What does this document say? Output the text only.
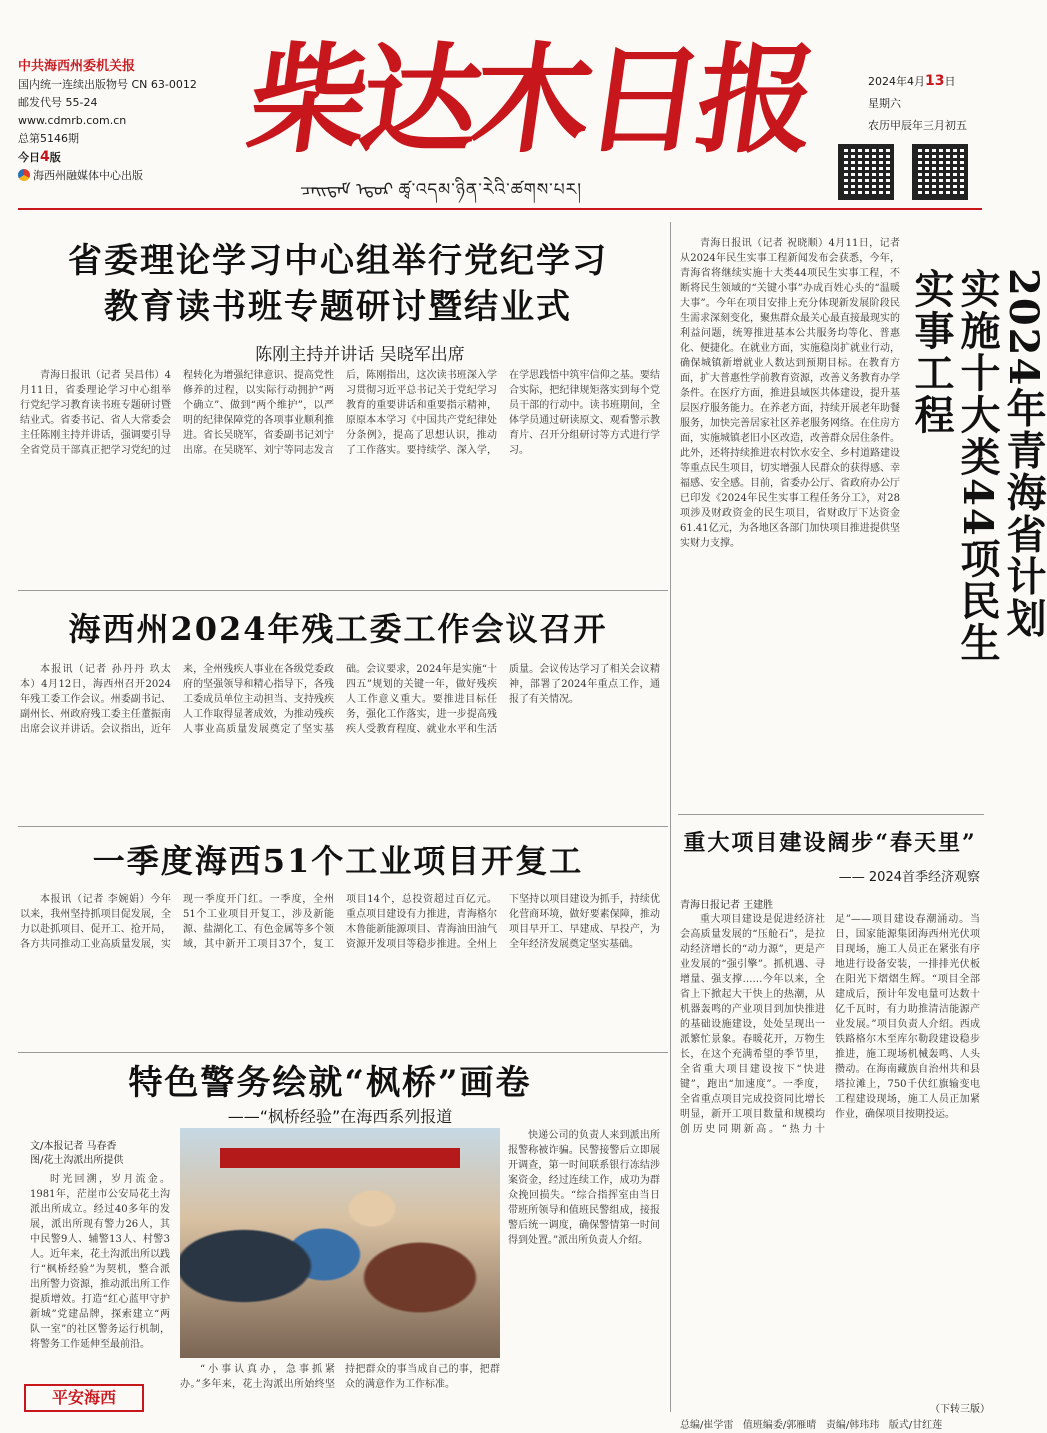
中共海西州委机关报
国内统一连续出版物号 CN 63-0012
邮发代号 55-24
www.cdmrb.com.cn
总第5146期
今日4版
海西州融媒体中心出版
柴达木日报
ᠴᠠᠢᠳᠠᠮ ᠡᠳᠦᠷ ཚྭ་འདམ་ཉིན་རེའི་ཚགས་པར།
2024年4月13日
星期六
农历甲辰年三月初五
省委理论学习中心组举行党纪学习
教育读书班专题研讨暨结业式
陈刚主持并讲话 吴晓军出席

青海日报讯（记者 吴昌伟）4月11日，省委理论学习中心组举行党纪学习教育读书班专题研讨暨结业式。省委书记、省人大常委会主任陈刚主持并讲话，强调要引导全省党员干部真正把学习党纪的过程转化为增强纪律意识、提高党性修养的过程，以实际行动拥护“两个确立”、做到“两个维护”，以严明的纪律保障党的各项事业顺利推进。省长吴晓军，省委副书记刘宁出席。在吴晓军、刘宁等同志发言后，陈刚指出，这次读书班深入学习贯彻习近平总书记关于党纪学习教育的重要讲话和重要指示精神，原原本本学习《中国共产党纪律处分条例》，提高了思想认识，推动了工作落实。要持续学、深入学，在学思践悟中筑牢信仰之基。要结合实际，把纪律规矩落实到每个党员干部的行动中。读书班期间，全体学员通过研读原文、观看警示教育片、召开分组研讨等方式进行学习。

海西州2024年残工委工作会议召开

本报讯（记者 孙丹丹 玖太本）4月12日，海西州召开2024年残工委工作会议。州委副书记、副州长、州政府残工委主任董振南出席会议并讲话。会议指出，近年来，全州残疾人事业在各级党委政府的坚强领导和精心指导下，各残工委成员单位主动担当、支持残疾人工作取得显著成效，为推动残疾人事业高质量发展奠定了坚实基础。会议要求，2024年是实施“十四五”规划的关键一年，做好残疾人工作意义重大。要推进目标任务，强化工作落实，进一步提高残疾人受教育程度、就业水平和生活质量。会议传达学习了相关会议精神，部署了2024年重点工作，通报了有关情况。

一季度海西51个工业项目开复工

本报讯（记者 李婉娟）今年以来，我州坚持抓项目促发展，全力以赴抓项目、促开工、抢开局，各方共同推动工业高质量发展，实现一季度开门红。一季度，全州51个工业项目开复工，涉及新能源、盐湖化工、有色金属等多个领域，其中新开工项目37个，复工项目14个，总投资超过百亿元。重点项目建设有力推进，青海格尔木鲁能新能源项目、青海油田油气资源开发项目等稳步推进。全州上下坚持以项目建设为抓手，持续优化营商环境，做好要素保障，推动项目早开工、早建成、早投产，为全年经济发展奠定坚实基础。

特色警务绘就“枫桥”画卷
——“枫桥经验”在海西系列报道
文/本报记者 马春香
图/花土沟派出所提供

时光回溯，岁月流金。1981年，茫崖市公安局花土沟派出所成立。经过40多年的发展，派出所现有警力26人，其中民警9人、辅警13人、村警3人。近年来，花土沟派出所以践行“枫桥经验”为契机，整合派出所警力资源，推动派出所工作提质增效。打造“红心蓝甲守护新城”党建品牌，探索建立“两队一室”的社区警务运行机制，将警务工作延伸至最前沿。

“小事认真办，急事抓紧办。”多年来，花土沟派出所始终坚持把群众的事当成自己的事，把群众的满意作为工作标准。

快递公司的负责人来到派出所报警称被诈骗。民警接警后立即展开调查，第一时间联系银行冻结涉案资金，经过连续工作，成功为群众挽回损失。“综合指挥室由当日带班所领导和值班民警组成，接报警后统一调度，确保警情第一时间得到处置。”派出所负责人介绍。

平安海西

青海日报讯（记者 祝晓顺）4月11日，记者从2024年民生实事工程新闻发布会获悉，今年，青海省将继续实施十大类44项民生实事工程，不断将民生领域的“关键小事”办成百姓心头的“温暖大事”。今年在项目安排上充分体现新发展阶段民生需求深刻变化，聚焦群众最关心最直接最现实的利益问题，统筹推进基本公共服务均等化、普惠化、便捷化。在就业方面，实施稳岗扩就业行动，确保城镇新增就业人数达到预期目标。在教育方面，扩大普惠性学前教育资源，改善义务教育办学条件。在医疗方面，推进县域医共体建设，提升基层医疗服务能力。在养老方面，持续开展老年助餐服务，加快完善居家社区养老服务网络。在住房方面，实施城镇老旧小区改造，改善群众居住条件。此外，还将持续推进农村饮水安全、乡村道路建设等重点民生项目，切实增强人民群众的获得感、幸福感、安全感。目前，省委办公厅、省政府办公厅已印发《2024年民生实事工程任务分工》，对28项涉及财政资金的民生项目，省财政厅下达资金61.41亿元，为各地区各部门加快项目推进提供坚实财力支撑。	2024年青海省计划实施十大类44项民生实事工程
重大项目建设阔步“春天里”
—— 2024首季经济观察
青海日报记者 王建胜

重大项目建设是促进经济社会高质量发展的“压舱石”，是拉动经济增长的“动力源”，更是产业发展的“强引擎”。抓机遇、寻增量、强支撑……今年以来，全省上下掀起大干快上的热潮，从机器轰鸣的产业项目到加快推进的基础设施建设，处处呈现出一派繁忙景象。春暖花开，万物生长，在这个充满希望的季节里，全省重大项目建设按下“快进键”，跑出“加速度”。一季度，全省重点项目完成投资同比增长明显，新开工项目数量和规模均创历史同期新高。“热力十足”——项目建设春潮涌动。当日，国家能源集团海西州光伏项目现场，施工人员正在紧张有序地进行设备安装，一排排光伏板在阳光下熠熠生辉。“项目全部建成后，预计年发电量可达数十亿千瓦时，有力助推清洁能源产业发展。”项目负责人介绍。西成铁路格尔木至库尔勒段建设稳步推进，施工现场机械轰鸣、人头攒动。在海南藏族自治州共和县塔拉滩上，750千伏红旗输变电工程建设现场，施工人员正加紧作业，确保项目按期投运。

（下转三版）
总编/崔学雷 值班编委/郭雁晴 责编/韩玮玮 版式/甘红莲
